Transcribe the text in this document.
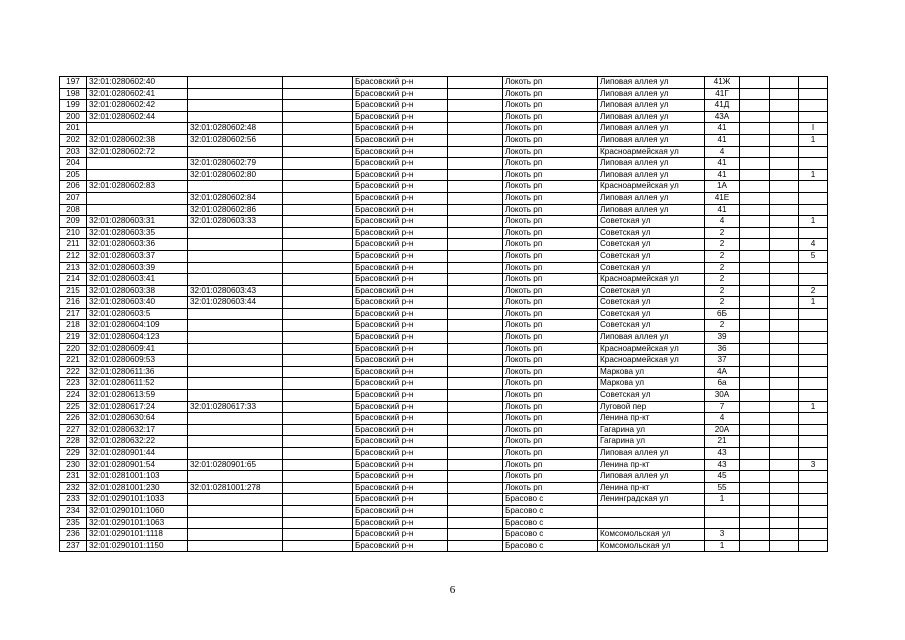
197	32:01:0280602:40			Брасовский р-н		Локоть рп	Липовая аллея ул	41Ж			
198	32:01:0280602:41			Брасовский р-н		Локоть рп	Липовая аллея ул	41Г			
199	32:01:0280602:42			Брасовский р-н		Локоть рп	Липовая аллея ул	41Д			
200	32:01:0280602:44			Брасовский р-н		Локоть рп	Липовая аллея ул	43А			
201		32:01:0280602:48		Брасовский р-н		Локоть рп	Липовая аллея ул	41			I
202	32:01:0280602:38	32:01:0280602:56		Брасовский р-н		Локоть рп	Липовая аллея ул	41			1
203	32:01:0280602:72			Брасовский р-н		Локоть рп	Красноармейская ул	4			
204		32:01:0280602:79		Брасовский р-н		Локоть рп	Липовая аллея ул	41			
205		32:01:0280602:80		Брасовский р-н		Локоть рп	Липовая аллея ул	41			1
206	32:01:0280602:83			Брасовский р-н		Локоть рп	Красноармейская ул	1А			
207		32:01:0280602:84		Брасовский р-н		Локоть рп	Липовая аллея ул	41Е			
208		32:01:0280602:86		Брасовский р-н		Локоть рп	Липовая аллея ул	41			
209	32:01:0280603:31	32:01:0280603:33		Брасовский р-н		Локоть рп	Советская ул	4			1
210	32:01:0280603:35			Брасовский р-н		Локоть рп	Советская ул	2			
211	32:01:0280603:36			Брасовский р-н		Локоть рп	Советская ул	2			4
212	32:01:0280603:37			Брасовский р-н		Локоть рп	Советская ул	2			5
213	32:01:0280603:39			Брасовский р-н		Локоть рп	Советская ул	2			
214	32:01:0280603:41			Брасовский р-н		Локоть рп	Красноармейская ул	2			
215	32:01:0280603:38	32:01:0280603:43		Брасовский р-н		Локоть рп	Советская ул	2			2
216	32:01:0280603:40	32:01:0280603:44		Брасовский р-н		Локоть рп	Советская ул	2			1
217	32:01:0280603:5			Брасовский р-н		Локоть рп	Советская ул	6Б			
218	32:01:0280604:109			Брасовский р-н		Локоть рп	Советская ул	2			
219	32:01:0280604:123			Брасовский р-н		Локоть рп	Липовая аллея ул	39			
220	32:01:0280609:41			Брасовский р-н		Локоть рп	Красноармейская ул	36			
221	32:01:0280609:53			Брасовский р-н		Локоть рп	Красноармейская ул	37			
222	32:01:0280611:36			Брасовский р-н		Локоть рп	Маркова ул	4А			
223	32:01:0280611:52			Брасовский р-н		Локоть рп	Маркова ул	6а			
224	32:01:0280613:59			Брасовский р-н		Локоть рп	Советская ул	30А			
225	32:01:0280617:24	32:01:0280617:33		Брасовский р-н		Локоть рп	Луговой пер	7			1
226	32:01:0280630:64			Брасовский р-н		Локоть рп	Ленина пр-кт	4			
227	32:01:0280632:17			Брасовский р-н		Локоть рп	Гагарина ул	20А			
228	32:01:0280632:22			Брасовский р-н		Локоть рп	Гагарина ул	21			
229	32:01:0280901:44			Брасовский р-н		Локоть рп	Липовая аллея ул	43			
230	32:01:0280901:54	32:01:0280901:65		Брасовский р-н		Локоть рп	Ленина пр-кт	43			3
231	32:01:0281001:103			Брасовский р-н		Локоть рп	Липовая аллея ул	45			
232	32:01:0281001:230	32:01:0281001:278		Брасовский р-н		Локоть рп	Ленина пр-кт	55			
233	32:01:0290101:1033			Брасовский р-н		Брасово с	Ленинградская ул	1			
234	32:01:0290101:1060			Брасовский р-н		Брасово с					
235	32:01:0290101:1063			Брасовский р-н		Брасово с					
236	32:01:0290101:1118			Брасовский р-н		Брасово с	Комсомольская ул	3			
237	32:01:0290101:1150			Брасовский р-н		Брасово с	Комсомольская ул	1			
6
